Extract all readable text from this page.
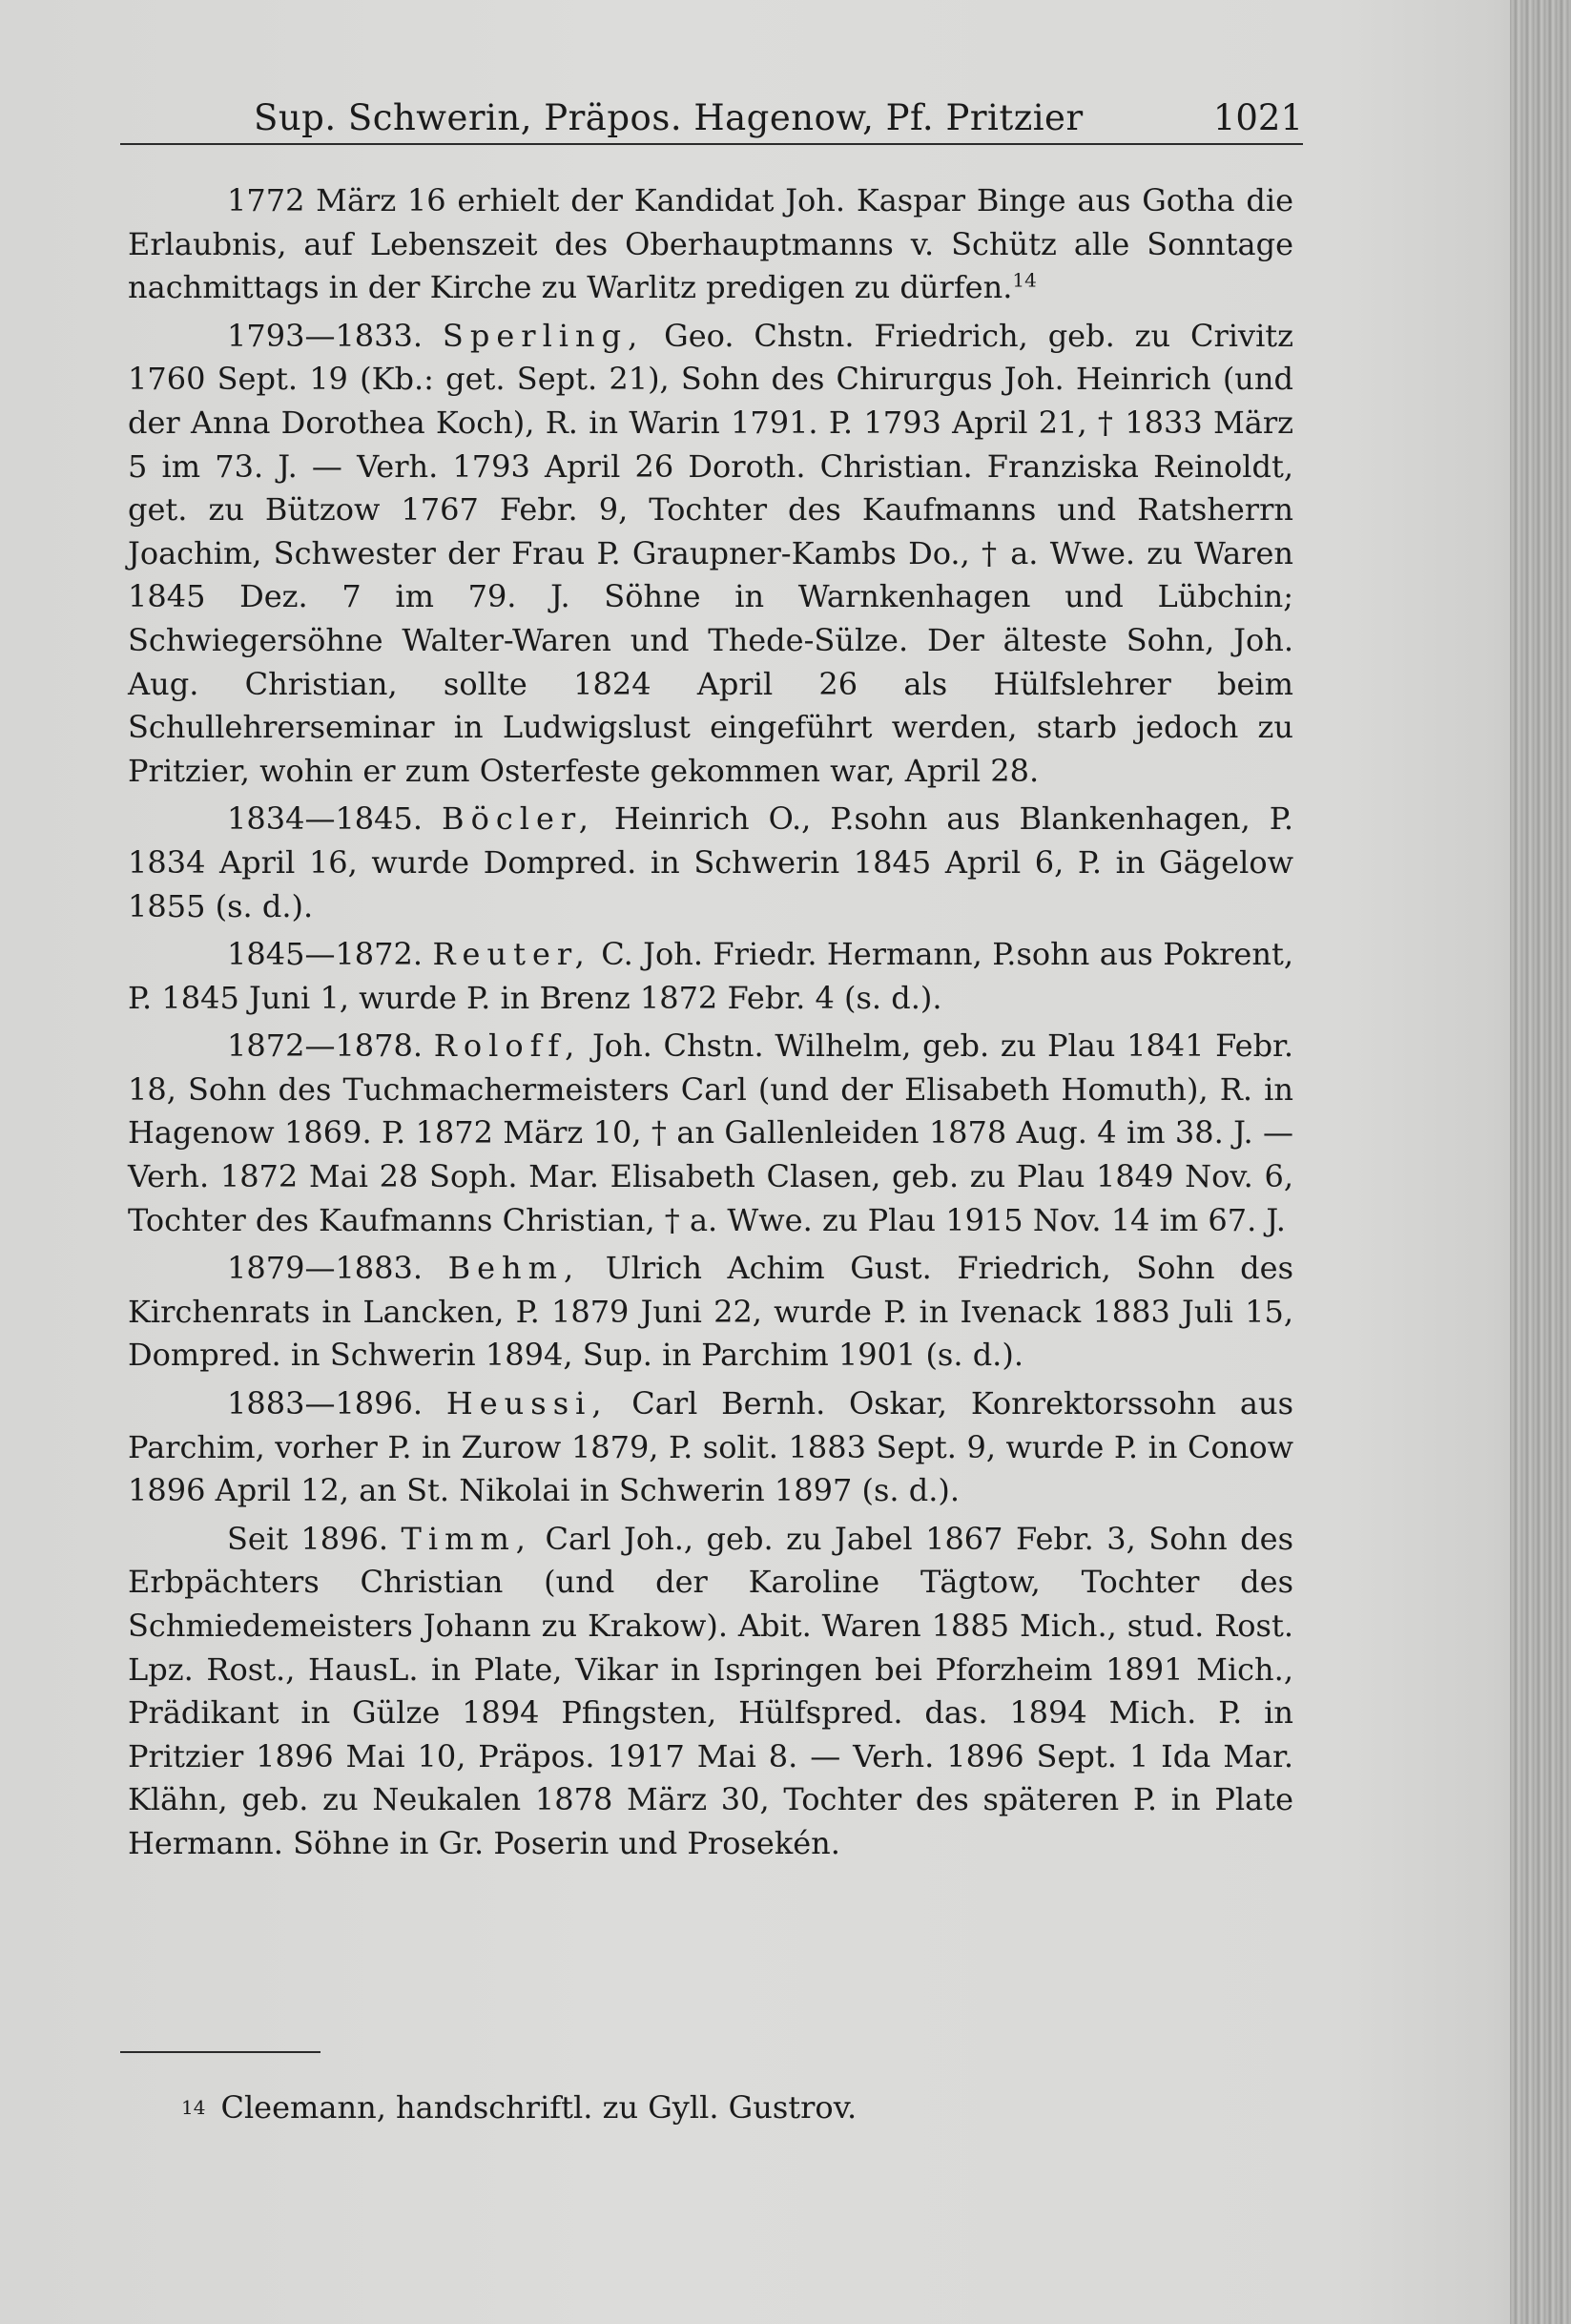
Sup. Schwerin, Präpos. Hagenow, Pf. Pritzier	1021

1772 März 16 erhielt der Kandidat Joh. Kaspar Binge aus Gotha die Erlaubnis, auf Lebenszeit des Oberhauptmanns v. Schütz alle Sonntage nachmittags in der Kirche zu Warlitz predigen zu dürfen.$^{14}$

1793—1833. Sperling, Geo. Chstn. Friedrich, geb. zu Crivitz 1760 Sept. 19 (Kb.: get. Sept. 21), Sohn des Chirurgus Joh. Heinrich (und der Anna Dorothea Koch), R. in Warin 1791. P. 1793 April 21, † 1833 März 5 im 73. J. — Verh. 1793 April 26 Doroth. Christian. Franziska Reinoldt, get. zu Bützow 1767 Febr. 9, Tochter des Kaufmanns und Ratsherrn Joachim, Schwester der Frau P. Graupner-Kambs Do., † a. Wwe. zu Waren 1845 Dez. 7 im 79. J. Söhne in Warnkenhagen und Lübchin; Schwiegersöhne Walter-Waren und Thede-Sülze. Der älteste Sohn, Joh. Aug. Christian, sollte 1824 April 26 als Hülfslehrer beim Schullehrerseminar in Ludwigslust eingeführt werden, starb jedoch zu Pritzier, wohin er zum Osterfeste gekommen war, April 28.

1834—1845. Böcler, Heinrich O., P.sohn aus Blankenhagen, P. 1834 April 16, wurde Dompred. in Schwerin 1845 April 6, P. in Gägelow 1855 (s. d.).

1845—1872. Reuter, C. Joh. Friedr. Hermann, P.sohn aus Pokrent, P. 1845 Juni 1, wurde P. in Brenz 1872 Febr. 4 (s. d.).

1872—1878. Roloff, Joh. Chstn. Wilhelm, geb. zu Plau 1841 Febr. 18, Sohn des Tuchmachermeisters Carl (und der Elisabeth Homuth), R. in Hagenow 1869. P. 1872 März 10, † an Gallenleiden 1878 Aug. 4 im 38. J. — Verh. 1872 Mai 28 Soph. Mar. Elisabeth Clasen, geb. zu Plau 1849 Nov. 6, Tochter des Kaufmanns Christian, † a. Wwe. zu Plau 1915 Nov. 14 im 67. J.

1879—1883. Behm, Ulrich Achim Gust. Friedrich, Sohn des Kirchenrats in Lancken, P. 1879 Juni 22, wurde P. in Ivenack 1883 Juli 15, Dompred. in Schwerin 1894, Sup. in Parchim 1901 (s. d.).

1883—1896. Heussi, Carl Bernh. Oskar, Konrektorssohn aus Parchim, vorher P. in Zurow 1879, P. solit. 1883 Sept. 9, wurde P. in Conow 1896 April 12, an St. Nikolai in Schwerin 1897 (s. d.).

Seit 1896. Timm, Carl Joh., geb. zu Jabel 1867 Febr. 3, Sohn des Erbpächters Christian (und der Karoline Tägtow, Tochter des Schmiedemeisters Johann zu Krakow). Abit. Waren 1885 Mich., stud. Rost. Lpz. Rost., HausL. in Plate, Vikar in Ispringen bei Pforzheim 1891 Mich., Prädikant in Gülze 1894 Pfingsten, Hülfspred. das. 1894 Mich. P. in Pritzier 1896 Mai 10, Präpos. 1917 Mai 8. — Verh. 1896 Sept. 1 Ida Mar. Klähn, geb. zu Neukalen 1878 März 30, Tochter des späteren P. in Plate Hermann. Söhne in Gr. Poserin und Prosekén.

$^{14}$ Cleemann, handschriftl. zu Gyll. Gustrov.
